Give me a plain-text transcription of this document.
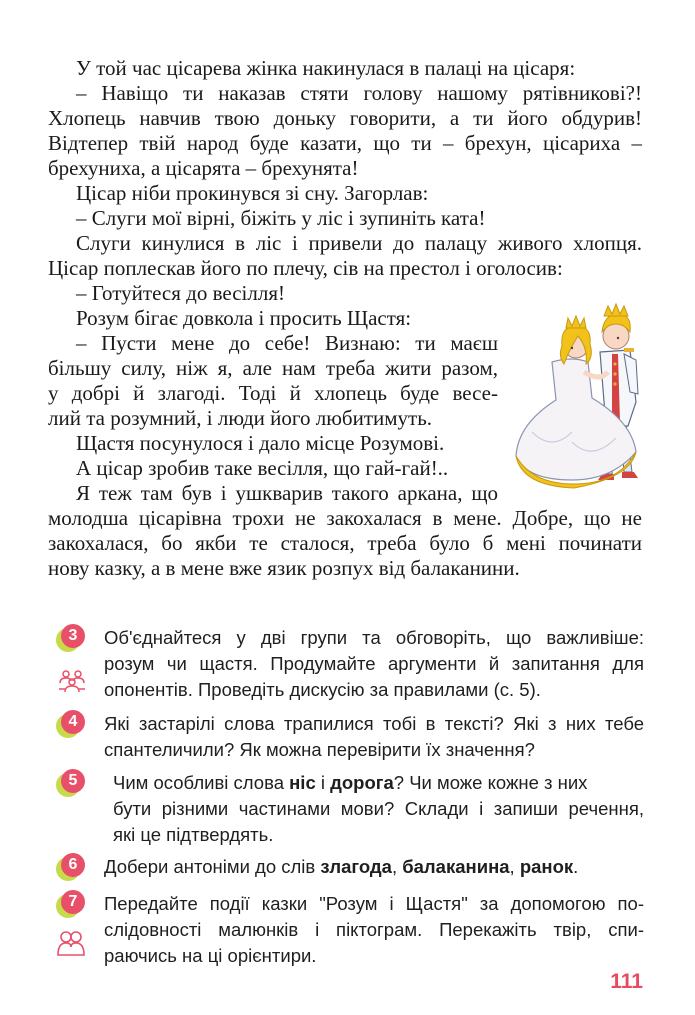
У той час цісарева жінка накинулася в палаці на цісаря:
– Навіщо ти наказав стяти голову нашому рятівникові?!
Хлопець навчив твою доньку говорити, а ти його обдурив!
Відтепер твій народ буде казати, що ти – брехун, цісариха –
брехуниха, а цісарята – брехунята!
Цісар ніби прокинувся зі сну. Загорлав:
– Слуги мої вірні, біжіть у ліс і зупиніть ката!
Слуги кинулися в ліс і привели до палацу живого хлопця.
Цісар поплескав його по плечу, сів на престол і оголосив:
– Готуйтеся до весілля!
Розум бігає довкола і просить Щастя:
– Пусти мене до себе! Визнаю: ти маєш
більшу силу, ніж я, але нам треба жити разом,
у добрі й злагоді. Тоді й хлопець буде весе-
лий та розумний, і люди його любитимуть.
Щастя посунулося і дало місце Розумові.
А цісар зробив таке весілля, що гай-гай!..
Я теж там був і ушкварив такого аркана, що
молодша цісарівна трохи не закохалася в мене. Добре, що не
закохалася, бо якби те сталося, треба було б мені починати
нову казку, а в мене вже язик розпух від балаканини.
3	Об'єднайтеся у дві групи та обговоріть, що важливіше:
розум чи щастя. Продумайте аргументи й запитання для
опонентів. Проведіть дискусію за правилами (с. 5).
4	Які застарілі слова трапилися тобі в тексті? Які з них тебе
спантеличили? Як можна перевірити їх значення?
5	Чим особливі слова ніс і дорога? Чи може кожне з них
бути різними частинами мови? Склади і запиши речення,
які це підтвердять.
6	Добери антоніми до слів злагода, балаканина, ранок.
7	Передайте події казки "Розум і Щастя" за допомогою по-
слідовності малюнків і піктограм. Перекажіть твір, спи-
раючись на ці орієнтири.
111
